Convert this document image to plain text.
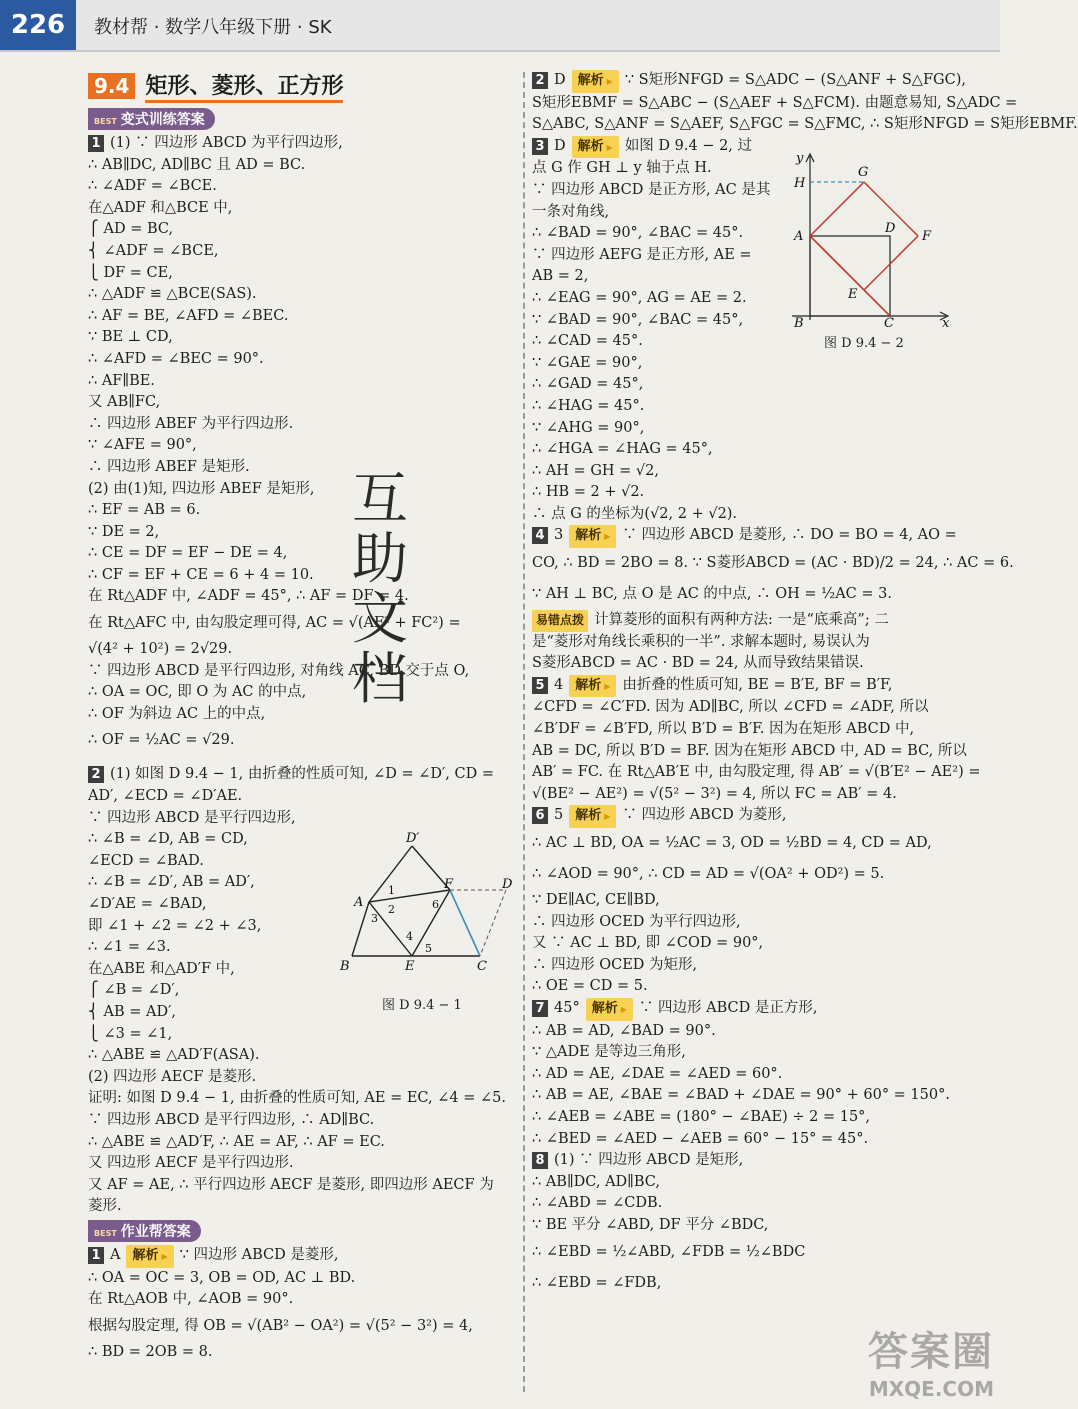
226	教材帮 · 数学八年级下册 · SK
9.4 矩形、菱形、正方形
BEST 变式训练答案
1 (1) ∵ 四边形 ABCD 为平行四边形,
∴ AB∥DC, AD∥BC 且 AD = BC.
∴ ∠ADF = ∠BCE.
在△ADF 和△BCE 中,
⎧ AD = BC,
⎨ ∠ADF = ∠BCE,
⎩ DF = CE,
∴ △ADF ≌ △BCE(SAS).
∴ AF = BE, ∠AFD = ∠BEC.
∵ BE ⊥ CD,
∴ ∠AFD = ∠BEC = 90°.
∴ AF∥BE.
又 AB∥FC,
∴ 四边形 ABEF 为平行四边形.
∵ ∠AFE = 90°,
∴ 四边形 ABEF 是矩形.
(2) 由(1)知, 四边形 ABEF 是矩形,
∴ EF = AB = 6.
∵ DE = 2,
∴ CE = DF = EF − DE = 4,
∴ CF = EF + CE = 6 + 4 = 10.
在 Rt△ADF 中, ∠ADF = 45°, ∴ AF = DF = 4.
在 Rt△AFC 中, 由勾股定理可得, AC = √(AF² + FC²) =
√(4² + 10²) = 2√29.
∵ 四边形 ABCD 是平行四边形, 对角线 AC, BD 交于点 O,
∴ OA = OC, 即 O 为 AC 的中点,
∴ OF 为斜边 AC 上的中点,
∴ OF = ½AC = √29.
2 (1) 如图 D 9.4 − 1, 由折叠的性质可知, ∠D = ∠D′, CD =
AD′, ∠ECD = ∠D′AE.
∵ 四边形 ABCD 是平行四边形,
∴ ∠B = ∠D, AB = CD,
∠ECD = ∠BAD.
∴ ∠B = ∠D′, AB = AD′,
∠D′AE = ∠BAD,
即 ∠1 + ∠2 = ∠2 + ∠3,
∴ ∠1 = ∠3.
在△ABE 和△AD′F 中,
⎧ ∠B = ∠D′,
⎨ AB = AD′,
⎩ ∠3 = ∠1,
∴ △ABE ≌ △AD′F(ASA).
(2) 四边形 AECF 是菱形.
证明: 如图 D 9.4 − 1, 由折叠的性质可知, AE = EC, ∠4 = ∠5.
∵ 四边形 ABCD 是平行四边形, ∴ AD∥BC.
∴ △ABE ≌ △AD′F, ∴ AE = AF, ∴ AF = EC.
又 四边形 AECF 是平行四边形.
又 AF = AE, ∴ 平行四边形 AECF 是菱形, 即四边形 AECF 为
菱形.
BEST 作业帮答案
1 A 解析 ▶ ∵ 四边形 ABCD 是菱形,
∴ OA = OC = 3, OB = OD, AC ⊥ BD.
在 Rt△AOB 中, ∠AOB = 90°.
根据勾股定理, 得 OB = √(AB² − OA²) = √(5² − 3²) = 4,
∴ BD = 2OB = 8.
D′
A
F	D
B	E	C
1
2
3
4
5
6
图 D 9.4 − 1
互
助
文
档
2 D 解析 ▶ ∵ S矩形NFGD = S△ADC − (S△ANF + S△FGC),
S矩形EBMF = S△ABC − (S△AEF + S△FCM). 由题意易知, S△ADC =
S△ABC, S△ANF = S△AEF, S△FGC = S△FMC, ∴ S矩形NFGD = S矩形EBMF.
3 D 解析 ▶ 如图 D 9.4 − 2, 过
点 G 作 GH ⊥ y 轴于点 H.
∵ 四边形 ABCD 是正方形, AC 是其
一条对角线,
∴ ∠BAD = 90°, ∠BAC = 45°.
∵ 四边形 AEFG 是正方形, AE =
AB = 2,
∴ ∠EAG = 90°, AG = AE = 2.
∵ ∠BAD = 90°, ∠BAC = 45°,
∴ ∠CAD = 45°.
∵ ∠GAE = 90°,
∴ ∠GAD = 45°,
∴ ∠HAG = 45°.
∵ ∠AHG = 90°,
∴ ∠HGA = ∠HAG = 45°,
∴ AH = GH = √2,
∴ HB = 2 + √2.
∴ 点 G 的坐标为(√2, 2 + √2).
4 3 解析 ▶ ∵ 四边形 ABCD 是菱形, ∴ DO = BO = 4, AO =
CO, ∴ BD = 2BO = 8. ∵ S菱形ABCD = (AC · BD)/2 = 24, ∴ AC = 6.
∵ AH ⊥ BC, 点 O 是 AC 的中点, ∴ OH = ½AC = 3.
易错点拨 计算菱形的面积有两种方法: 一是“底乘高”; 二
是“菱形对角线长乘积的一半”. 求解本题时, 易误认为
S菱形ABCD = AC · BD = 24, 从而导致结果错误.
5 4 解析 ▶ 由折叠的性质可知, BE = B′E, BF = B′F,
∠CFD = ∠C′FD. 因为 AD∥BC, 所以 ∠CFD = ∠ADF, 所以
∠B′DF = ∠B′FD, 所以 B′D = B′F. 因为在矩形 ABCD 中,
AB = DC, 所以 B′D = BF. 因为在矩形 ABCD 中, AD = BC, 所以
AB′ = FC. 在 Rt△AB′E 中, 由勾股定理, 得 AB′ = √(B′E² − AE²) =
√(BE² − AE²) = √(5² − 3²) = 4, 所以 FC = AB′ = 4.
6 5 解析 ▶ ∵ 四边形 ABCD 为菱形,
∴ AC ⊥ BD, OA = ½AC = 3, OD = ½BD = 4, CD = AD,
∴ ∠AOD = 90°, ∴ CD = AD = √(OA² + OD²) = 5.
∵ DE∥AC, CE∥BD,
∴ 四边形 OCED 为平行四边形,
又 ∵ AC ⊥ BD, 即 ∠COD = 90°,
∴ 四边形 OCED 为矩形,
∴ OE = CD = 5.
7 45° 解析 ▶ ∵ 四边形 ABCD 是正方形,
∴ AB = AD, ∠BAD = 90°.
∵ △ADE 是等边三角形,
∴ AD = AE, ∠DAE = ∠AED = 60°.
∴ AB = AE, ∠BAE = ∠BAD + ∠DAE = 90° + 60° = 150°.
∴ ∠AEB = ∠ABE = (180° − ∠BAE) ÷ 2 = 15°,
∴ ∠BED = ∠AED − ∠AEB = 60° − 15° = 45°.
8 (1) ∵ 四边形 ABCD 是矩形,
∴ AB∥DC, AD∥BC,
∴ ∠ABD = ∠CDB.
∵ BE 平分 ∠ABD, DF 平分 ∠BDC,
∴ ∠EBD = ½∠ABD, ∠FDB = ½∠BDC
∴ ∠EBD = ∠FDB,
y
G
H
A
D
F
E
B	C	x
图 D 9.4 − 2
答案圈
MXQE.COM
